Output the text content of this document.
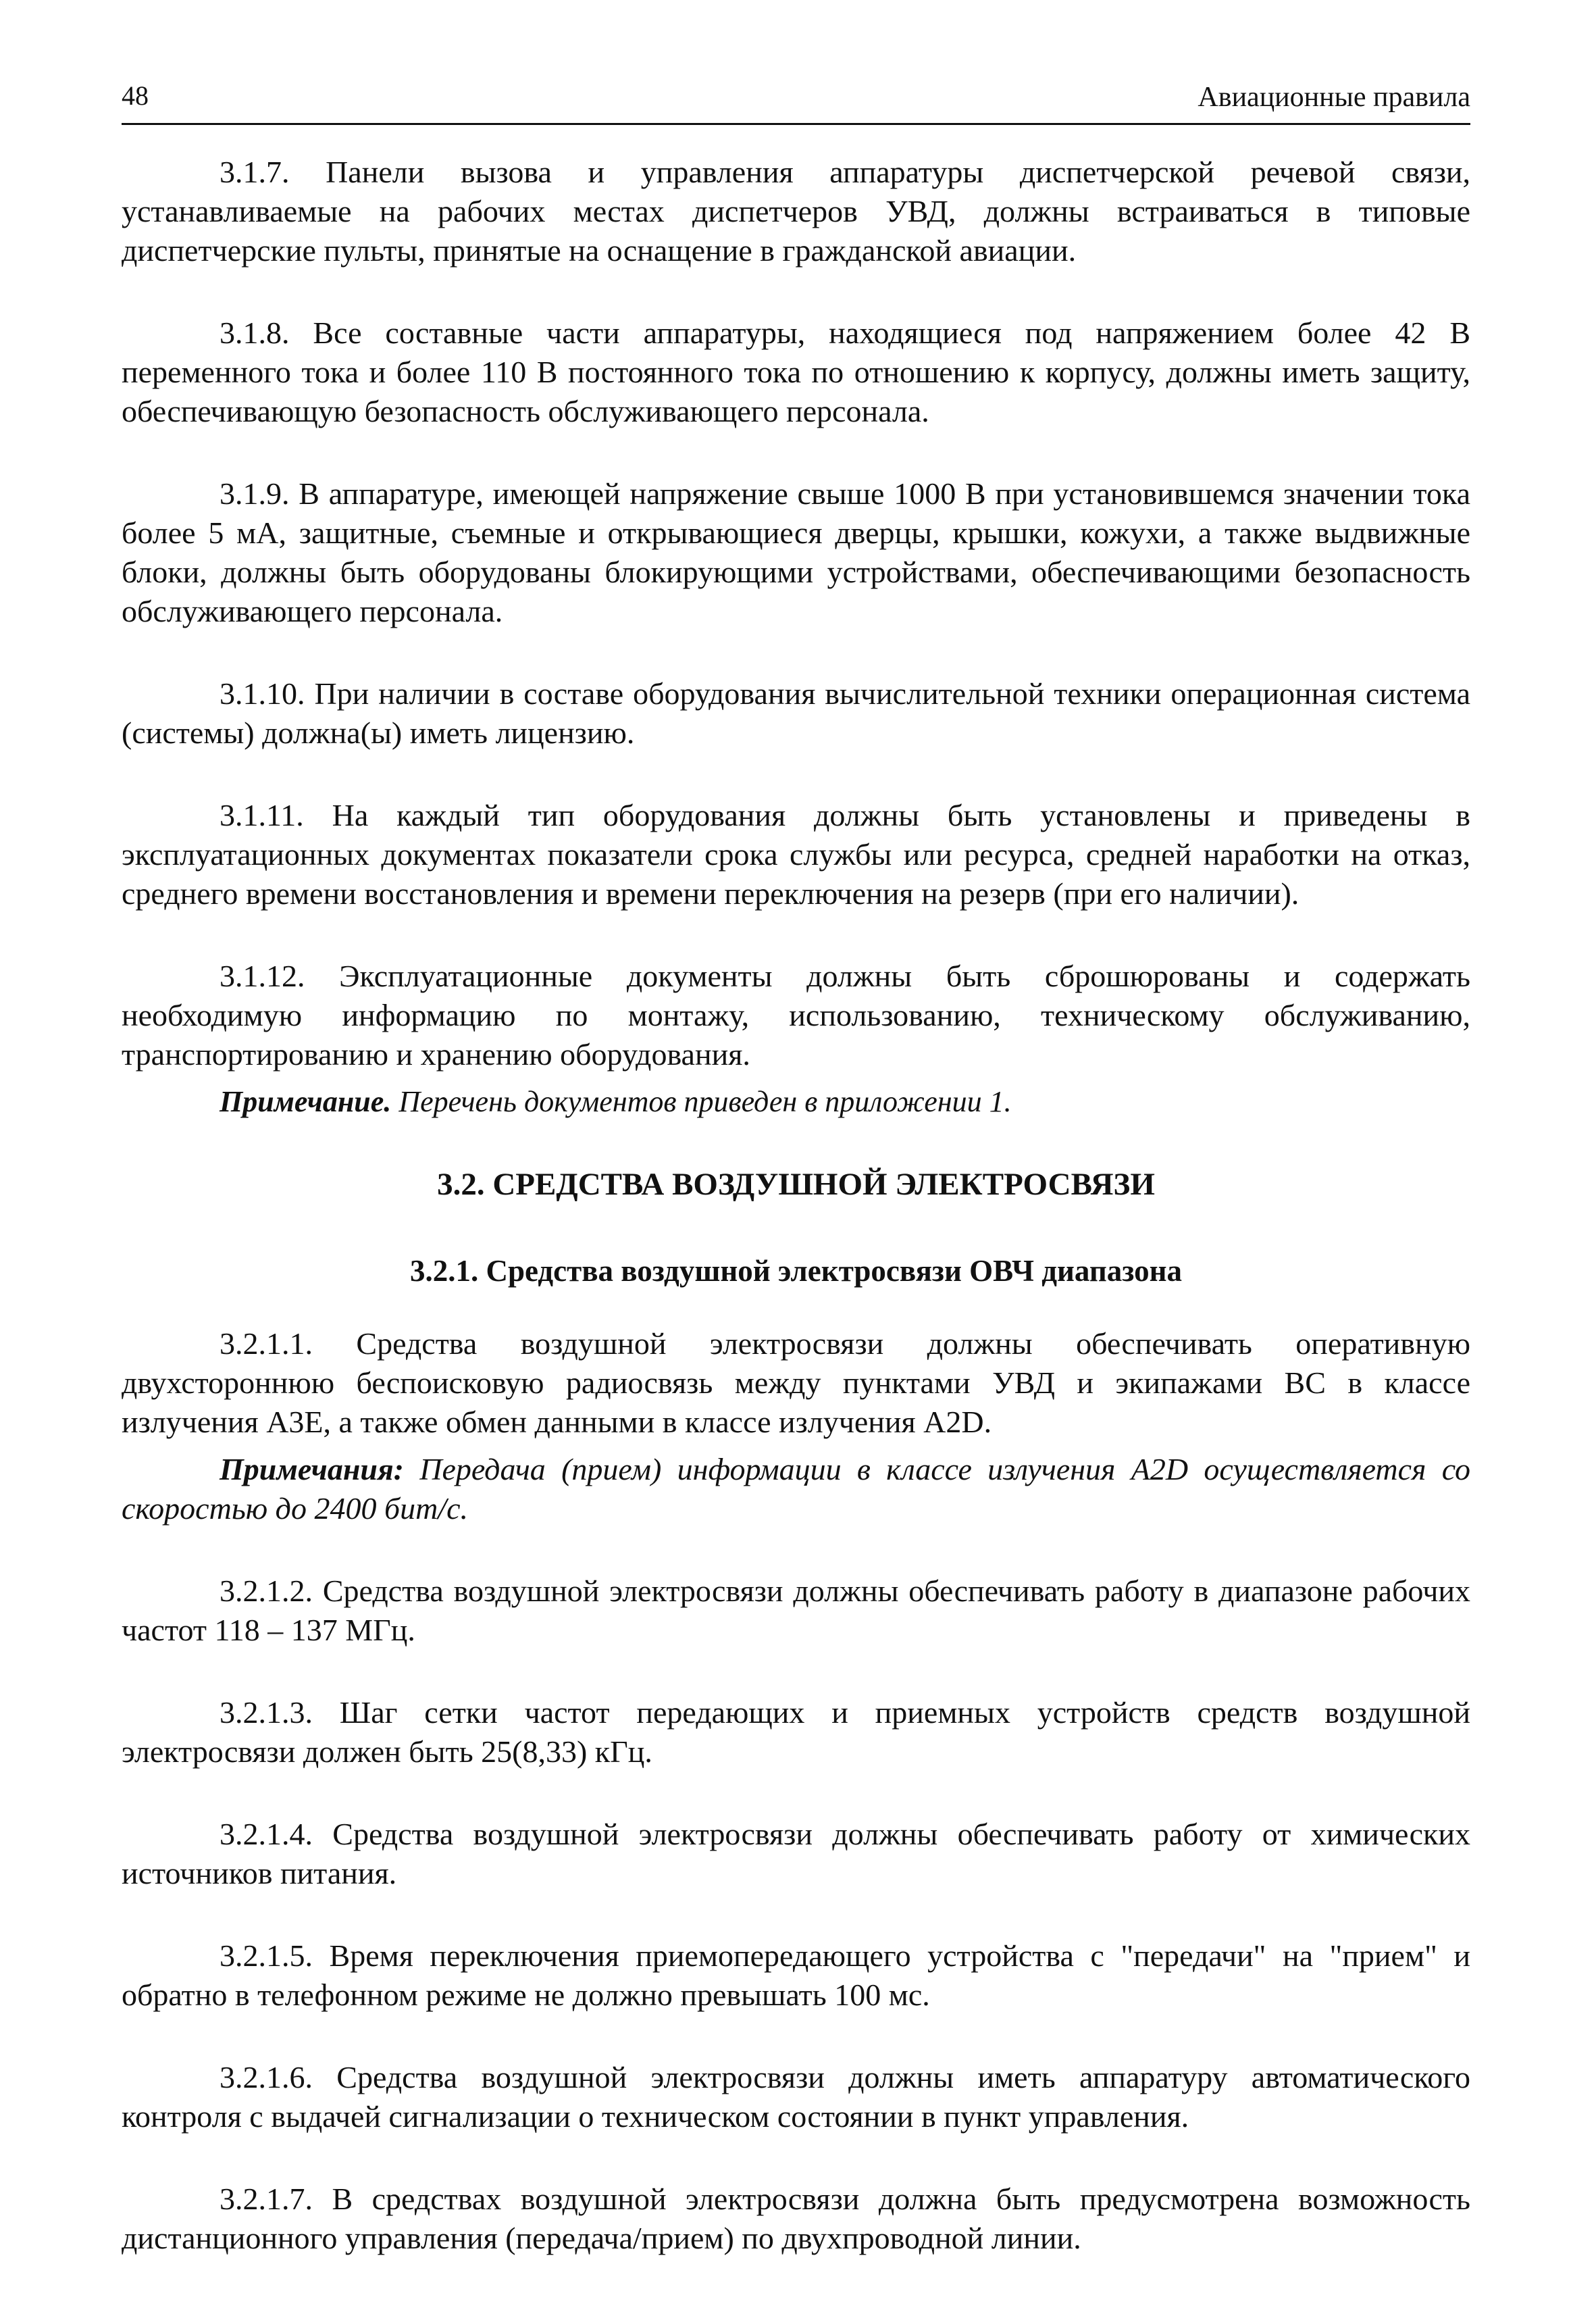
48	Авиационные правила

3.1.7. Панели вызова и управления аппаратуры диспетчерской речевой связи, устанавливаемые на рабочих местах диспетчеров УВД, должны встраиваться в типовые диспетчерские пульты, принятые на оснащение в гражданской авиации.

3.1.8. Все составные части аппаратуры, находящиеся под напряжением более 42 В переменного тока и более 110 В постоянного тока по отношению к корпусу, должны иметь защиту, обеспечивающую безопасность обслуживающего персонала.

3.1.9. В аппаратуре, имеющей напряжение свыше 1000 В при установившемся значении тока более 5 мА, защитные, съемные и открывающиеся дверцы, крышки, кожухи, а также выдвижные блоки, должны быть оборудованы блокирующими устройствами, обеспечивающими безопасность обслуживающего персонала.

3.1.10. При наличии в составе оборудования вычислительной техники операционная система (системы) должна(ы) иметь лицензию.

3.1.11. На каждый тип оборудования должны быть установлены и приведены в эксплуатационных документах показатели срока службы или ресурса, средней наработки на отказ, среднего времени восстановления и времени переключения на резерв (при его наличии).

3.1.12. Эксплуатационные документы должны быть сброшюрованы и содержать необходимую информацию по монтажу, использованию, техническому обслуживанию, транспортированию и хранению оборудования.

Примечание. Перечень документов приведен в приложении 1.

3.2. СРЕДСТВА ВОЗДУШНОЙ ЭЛЕКТРОСВЯЗИ
3.2.1. Средства воздушной электросвязи ОВЧ диапазона

3.2.1.1. Средства воздушной электросвязи должны обеспечивать оперативную двухстороннюю беспоисковую радиосвязь между пунктами УВД и экипажами ВС в классе излучения А3Е, а также обмен данными в классе излучения А2D.

Примечания: Передача (прием) информации в классе излучения А2D осуществляется со скоростью до 2400 бит/с.

3.2.1.2. Средства воздушной электросвязи должны обеспечивать работу в диапазоне рабочих частот 118 – 137 МГц.

3.2.1.3. Шаг сетки частот передающих и приемных устройств средств воздушной электросвязи должен быть 25(8,33) кГц.

3.2.1.4. Средства воздушной электросвязи должны обеспечивать работу от химических источников питания.

3.2.1.5. Время переключения приемопередающего устройства с "передачи" на "прием" и обратно в телефонном режиме не должно превышать 100 мс.

3.2.1.6. Средства воздушной электросвязи должны иметь аппаратуру автоматического контроля с выдачей сигнализации о техническом состоянии в пункт управления.

3.2.1.7. В средствах воздушной электросвязи должна быть предусмотрена возможность дистанционного управления (передача/прием) по двухпроводной линии.
